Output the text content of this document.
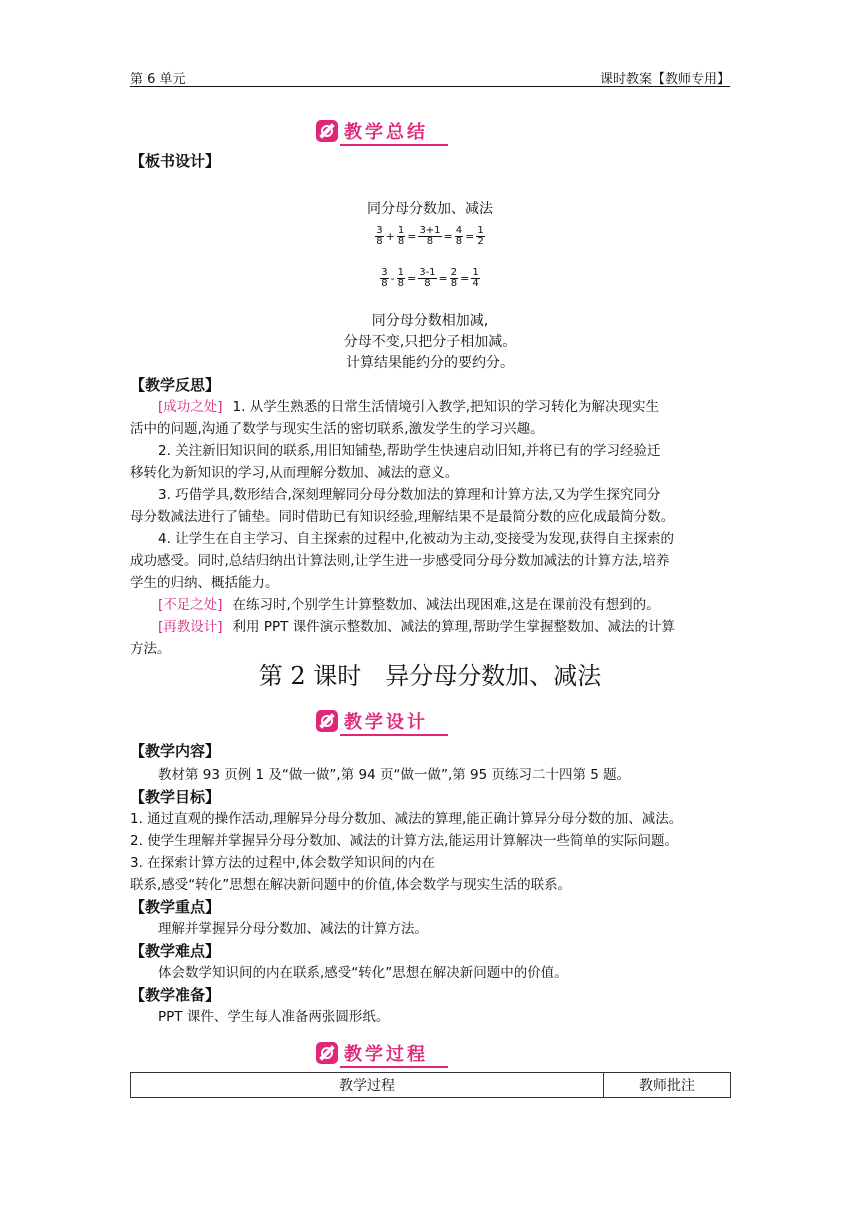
第 6 单元	课时教案【教师专用】
教学总结
【板书设计】
同分母分数加、减法
$\frac{3}{8} + \frac{1}{8} = \frac{3+1}{8} = \frac{4}{8} = \frac{1}{2}$
$\frac{3}{8} - \frac{1}{8} = \frac{3-1}{8} = \frac{2}{8} = \frac{1}{4}$
同分母分数相加减,
分母不变,只把分子相加减。
计算结果能约分的要约分。
【教学反思】
[成功之处] 1. 从学生熟悉的日常生活情境引入教学,把知识的学习转化为解决现实生
活中的问题,沟通了数学与现实生活的密切联系,激发学生的学习兴趣。
2. 关注新旧知识间的联系,用旧知铺垫,帮助学生快速启动旧知,并将已有的学习经验迁
移转化为新知识的学习,从而理解分数加、减法的意义。
3. 巧借学具,数形结合,深刻理解同分母分数加法的算理和计算方法,又为学生探究同分
母分数减法进行了铺垫。同时借助已有知识经验,理解结果不是最简分数的应化成最简分数。
4. 让学生在自主学习、自主探索的过程中,化被动为主动,变接受为发现,获得自主探索的
成功感受。同时,总结归纳出计算法则,让学生进一步感受同分母分数加减法的计算方法,培养
学生的归纳、概括能力。
[不足之处] 在练习时,个别学生计算整数加、减法出现困难,这是在课前没有想到的。
[再教设计] 利用 PPT 课件演示整数加、减法的算理,帮助学生掌握整数加、减法的计算
方法。
第 2 课时　异分母分数加、减法
教学设计
【教学内容】
教材第 93 页例 1 及“做一做”,第 94 页“做一做”,第 95 页练习二十四第 5 题。
【教学目标】
1. 通过直观的操作活动,理解异分母分数加、减法的算理,能正确计算异分母分数的加、减法。
2. 使学生理解并掌握异分母分数加、减法的计算方法,能运用计算解决一些简单的实际问题。
3. 在探索计算方法的过程中,体会数学知识间的内在
联系,感受“转化”思想在解决新问题中的价值,体会数学与现实生活的联系。
【教学重点】
理解并掌握异分母分数加、减法的计算方法。
【教学难点】
体会数学知识间的内在联系,感受“转化”思想在解决新问题中的价值。
【教学准备】
PPT 课件、学生每人准备两张圆形纸。
教学过程
教学过程	教师批注
